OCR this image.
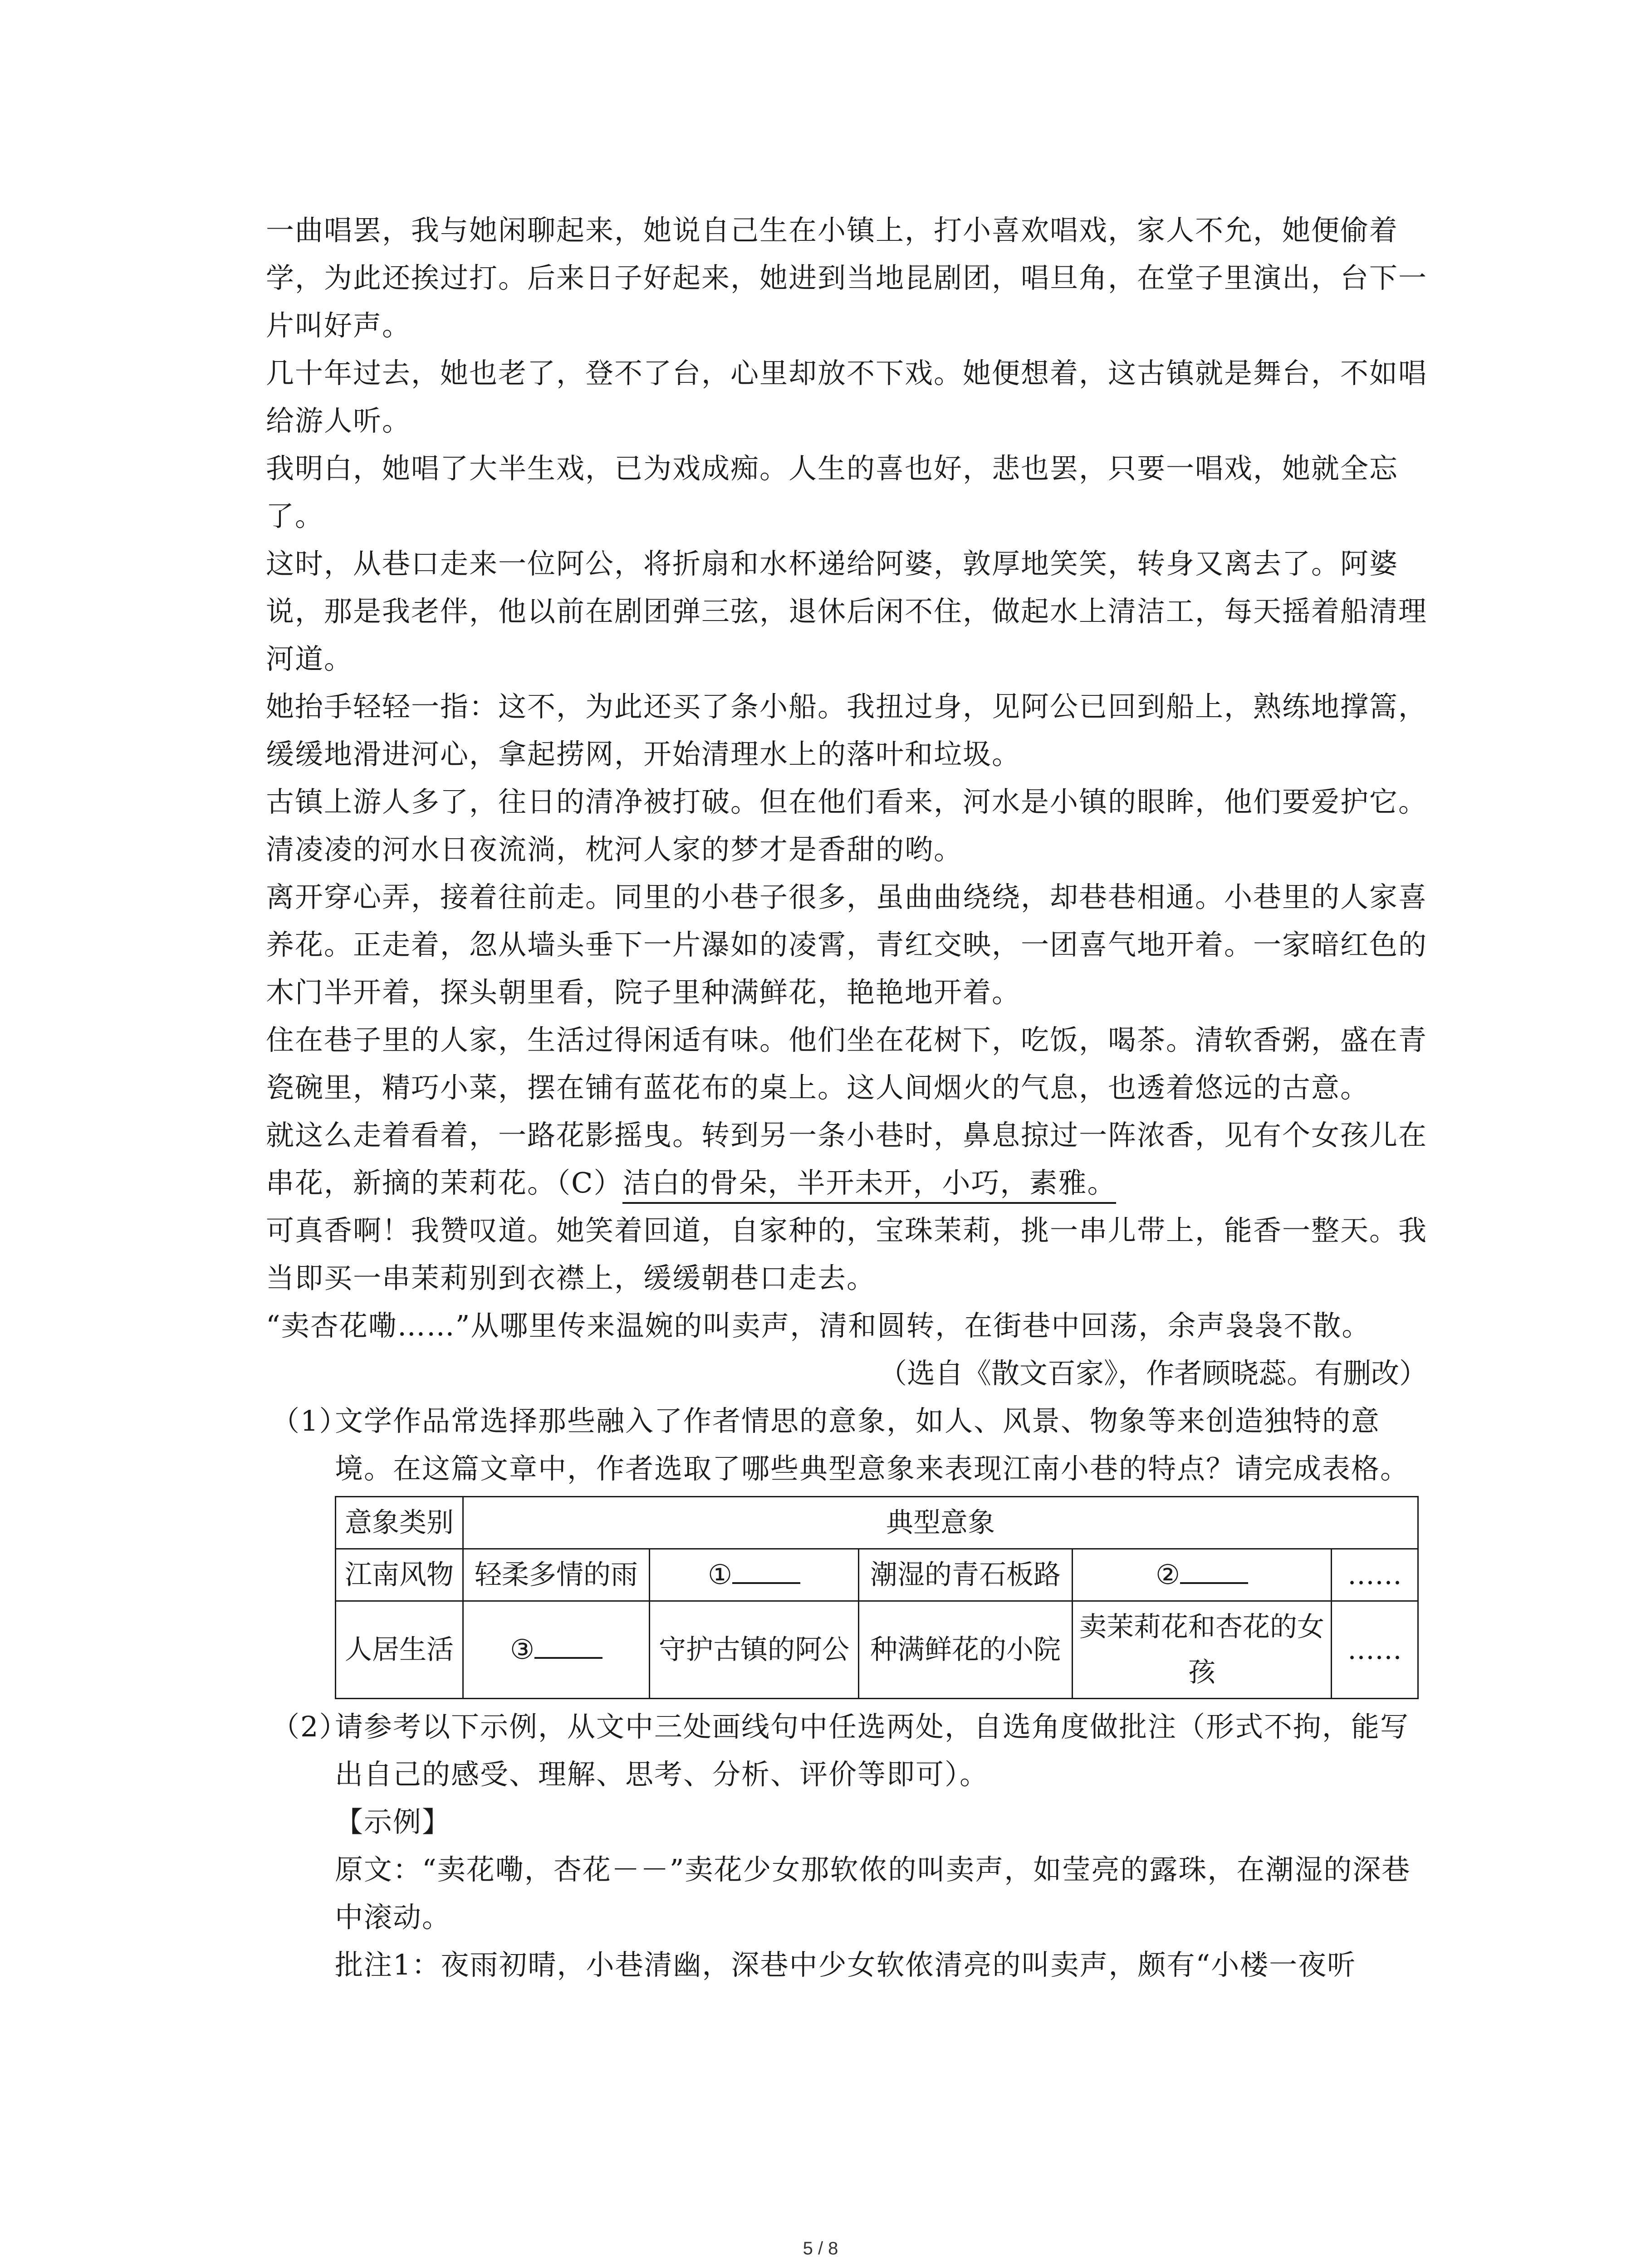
一曲唱罢，我与她闲聊起来，她说自己生在小镇上，打小喜欢唱戏，家人不允，她便偷着学，为此还挨过打。后来日子好起来，她进到当地昆剧团，唱旦角，在堂子里演出，台下一片叫好声。

几十年过去，她也老了，登不了台，心里却放不下戏。她便想着，这古镇就是舞台，不如唱给游人听。

我明白，她唱了大半生戏，已为戏成痴。人生的喜也好，悲也罢，只要一唱戏，她就全忘了。

这时，从巷口走来一位阿公，将折扇和水杯递给阿婆，敦厚地笑笑，转身又离去了。阿婆说，那是我老伴，他以前在剧团弹三弦，退休后闲不住，做起水上清洁工，每天摇着船清理河道。

她抬手轻轻一指：这不，为此还买了条小船。我扭过身，见阿公已回到船上，熟练地撑篙，缓缓地滑进河心，拿起捞网，开始清理水上的落叶和垃圾。

古镇上游人多了，往日的清净被打破。但在他们看来，河水是小镇的眼眸，他们要爱护它。清凌凌的河水日夜流淌，枕河人家的梦才是香甜的哟。

离开穿心弄，接着往前走。同里的小巷子很多，虽曲曲绕绕，却巷巷相通。小巷里的人家喜养花。正走着，忽从墙头垂下一片瀑如的凌霄，青红交映，一团喜气地开着。一家暗红色的木门半开着，探头朝里看，院子里种满鲜花，艳艳地开着。

住在巷子里的人家，生活过得闲适有味。他们坐在花树下，吃饭，喝茶。清软香粥，盛在青瓷碗里，精巧小菜，摆在铺有蓝花布的桌上。这人间烟火的气息，也透着悠远的古意。

就这么走着看着，一路花影摇曳。转到另一条小巷时，鼻息掠过一阵浓香，见有个女孩儿在串花，新摘的茉莉花。（C）洁白的骨朵，半开未开，小巧，素雅。

可真香啊！我赞叹道。她笑着回道，自家种的，宝珠茉莉，挑一串儿带上，能香一整天。我当即买一串茉莉别到衣襟上，缓缓朝巷口走去。

“卖杏花嘞……”从哪里传来温婉的叫卖声，清和圆转，在街巷中回荡，余声袅袅不散。

（选自《散文百家》，作者顾晓蕊。有删改）

（1）
文学作品常选择那些融入了作者情思的意象，如人、风景、物象等来创造独特的意境。在这篇文章中，作者选取了哪些典型意象来表现江南小巷的特点？请完成表格。
意象类别	典型意象				
江南风物	轻柔多情的雨	①	潮湿的青石板路	②	……
人居生活	③	守护古镇的阿公	种满鲜花的小院	卖茉莉花和杏花的女孩	……
（2）
请参考以下示例，从文中三处画线句中任选两处，自选角度做批注（形式不拘，能写出自己的感受、理解、思考、分析、评价等即可）。

【示例】

原文：“卖花嘞，杏花－－”卖花少女那软侬的叫卖声，如莹亮的露珠，在潮湿的深巷中滚动。

批注1：夜雨初晴，小巷清幽，深巷中少女软侬清亮的叫卖声，颇有“小楼一夜听

5 / 8
